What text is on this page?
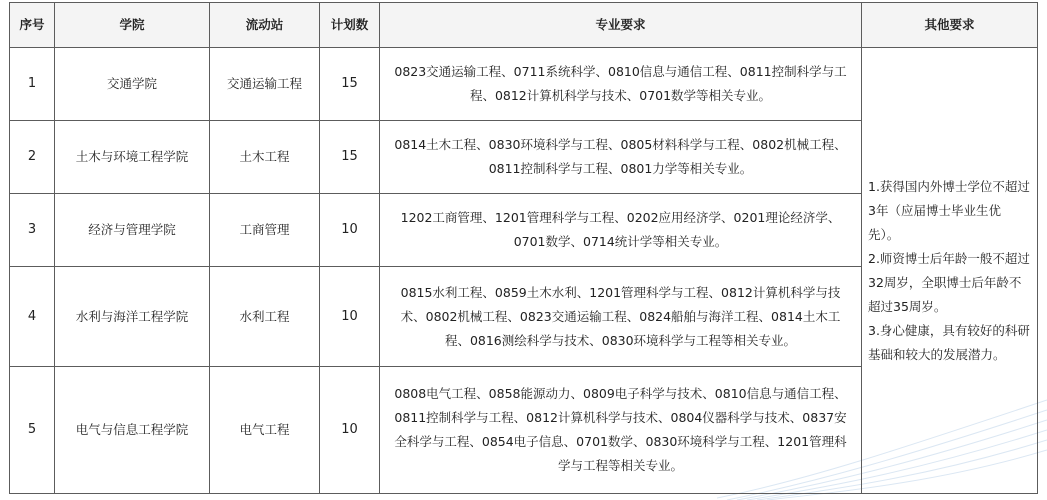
序号	学院	流动站	计划数	专业要求	其他要求
1	交通学院	交通运输工程	15	0823交通运输工程、0711系统科学、0810信息与通信工程、0811控制科学与工程、0812计算机科学与技术、0701数学等相关专业。	1.获得国内外博士学位不超过3年（应届博士毕业生优先）。
2.师资博士后年龄一般不超过32周岁，全职博士后年龄不超过35周岁。
3.身心健康，具有较好的科研基础和较大的发展潜力。

2	土木与环境工程学院	土木工程	15	0814土木工程、0830环境科学与工程、0805材料科学与工程、0802机械工程、0811控制科学与工程、0801力学等相关专业。	
3	经济与管理学院	工商管理	10	1202工商管理、1201管理科学与工程、0202应用经济学、0201理论经济学、0701数学、0714统计学等相关专业。	
4	水利与海洋工程学院	水利工程	10	0815水利工程、0859土木水利、1201管理科学与工程、0812计算机科学与技术、0802机械工程、0823交通运输工程、0824船舶与海洋工程、0814土木工程、0816测绘科学与技术、0830环境科学与工程等相关专业。	
5	电气与信息工程学院	电气工程	10	0808电气工程、0858能源动力、0809电子科学与技术、0810信息与通信工程、0811控制科学与工程、0812计算机科学与技术、0804仪器科学与技术、0837安全科学与工程、0854电子信息、0701数学、0830环境科学与工程、1201管理科学与工程等相关专业。	
